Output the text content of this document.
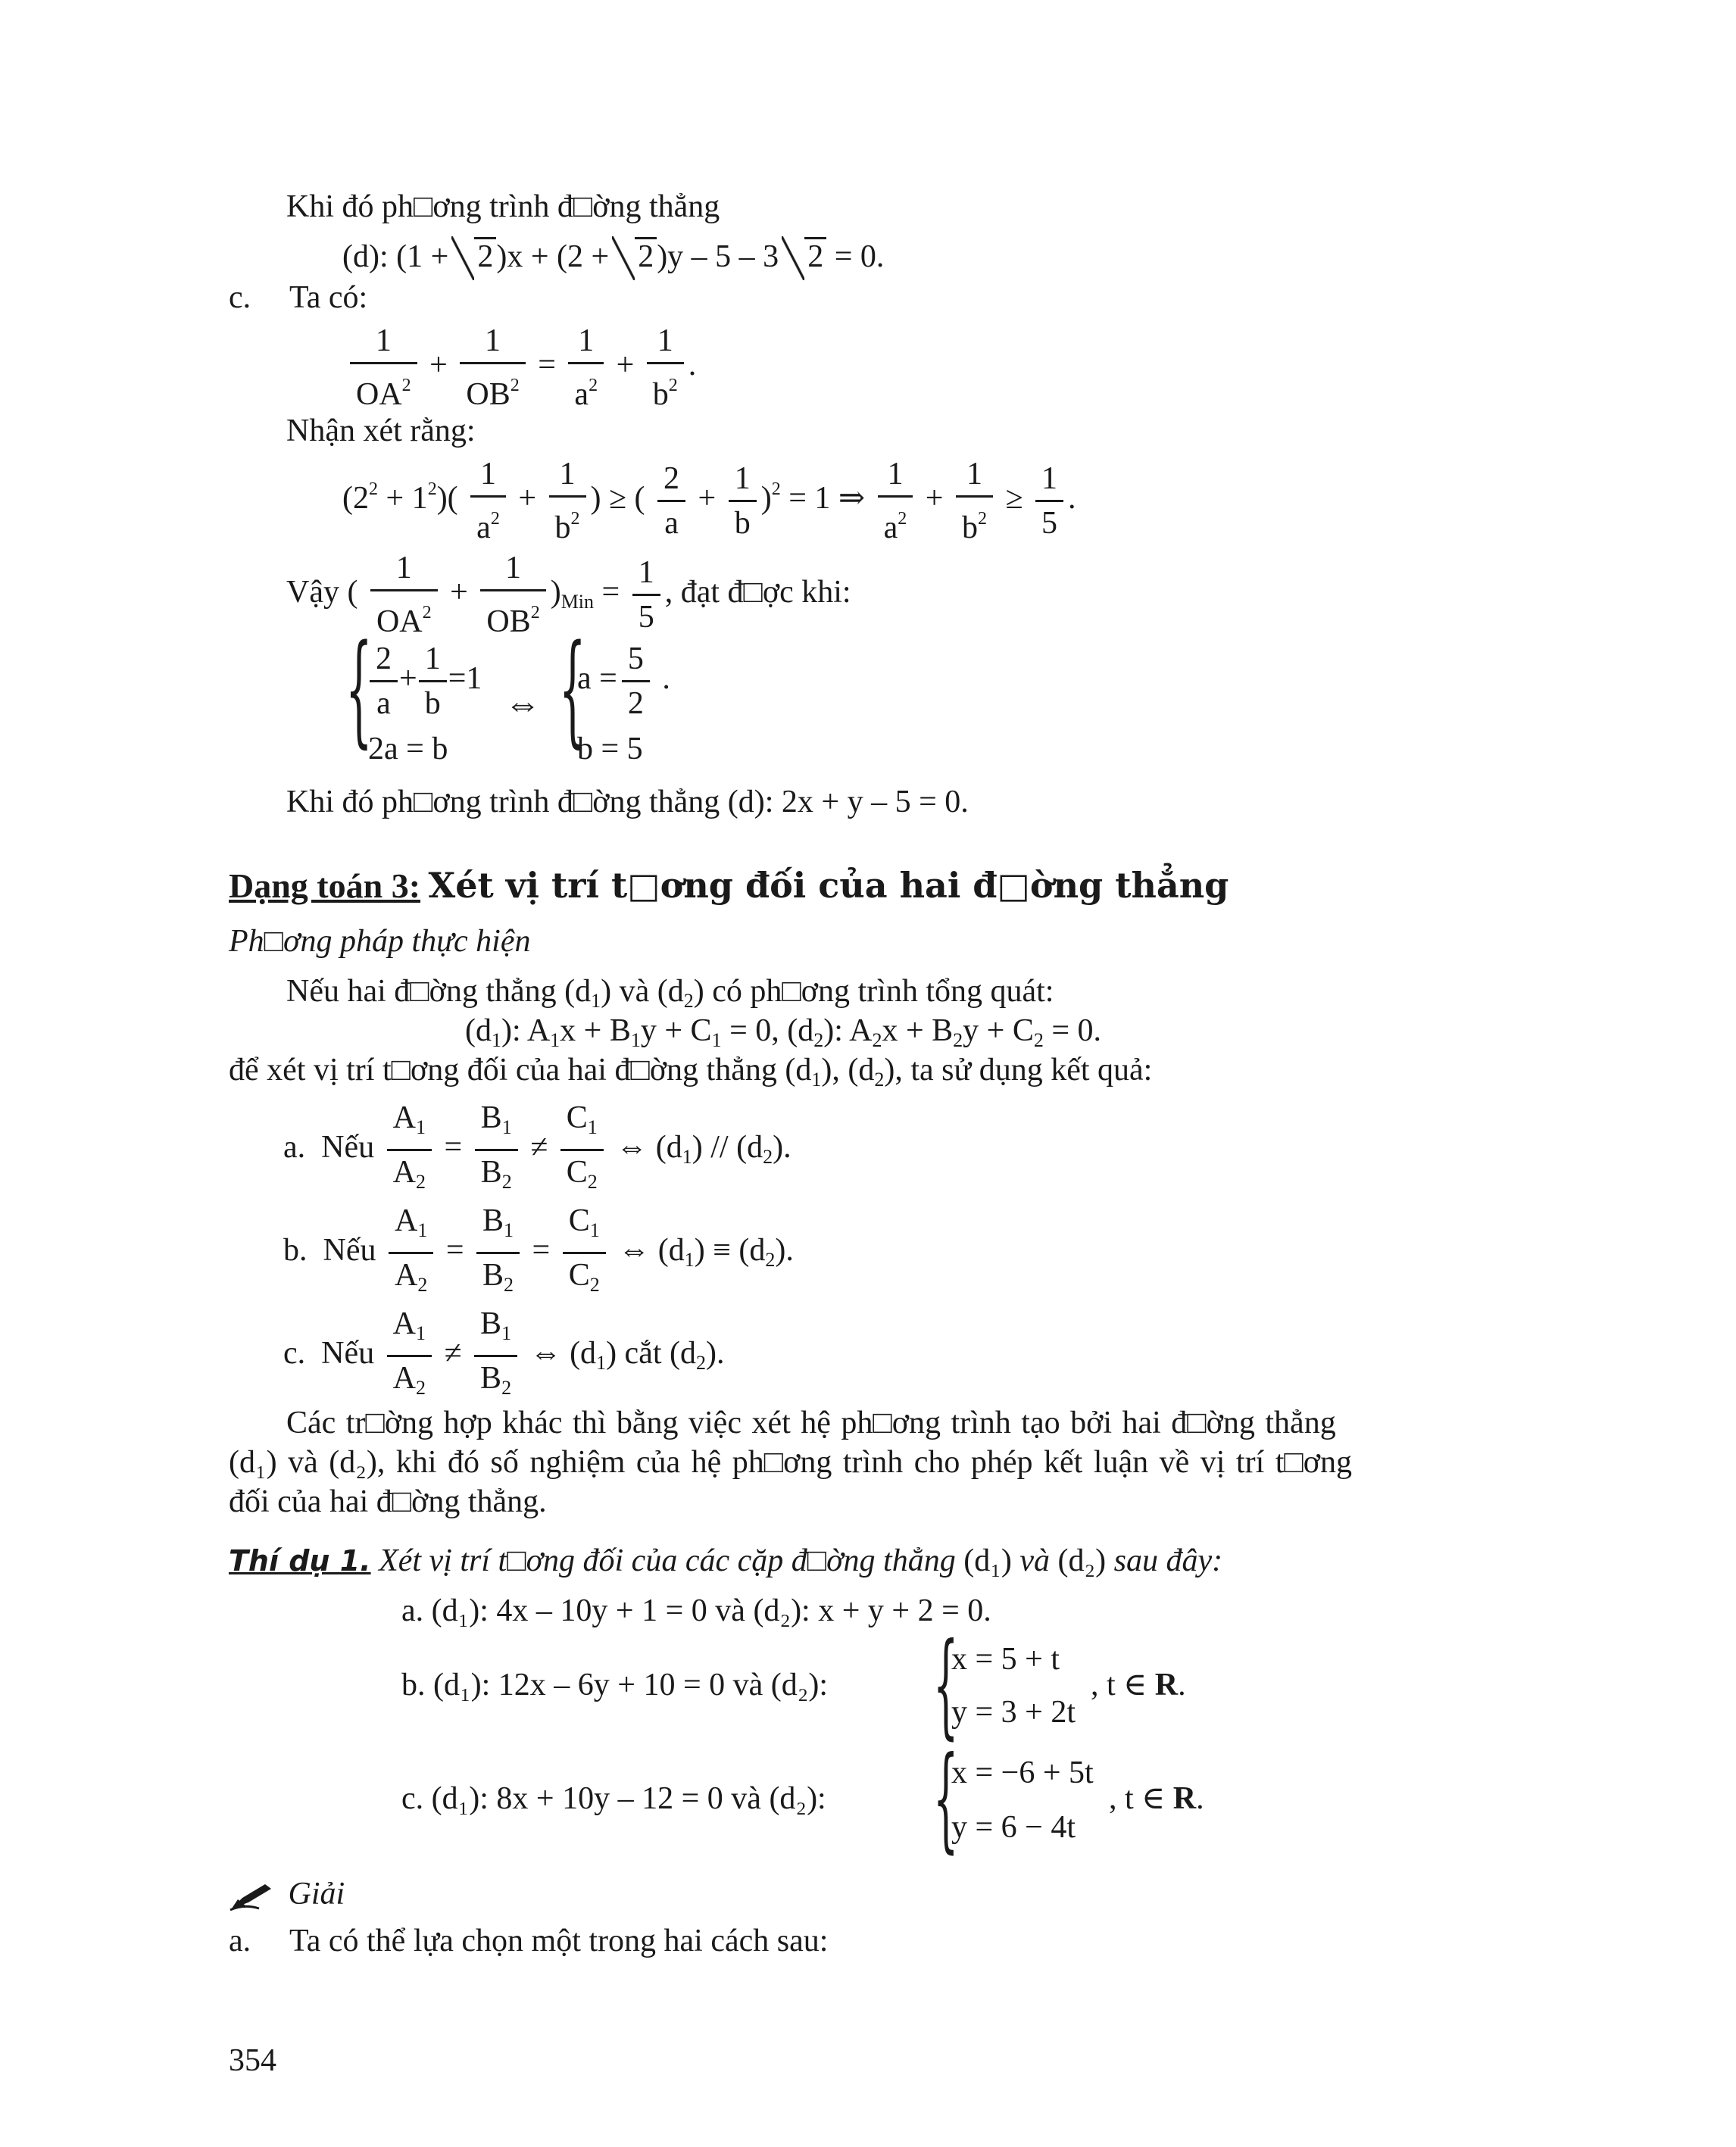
Khi đó ph□ơng trình đ□ờng thẳng
(d): (1 + 2)x + (2 + 2)y – 5 – 3 2 = 0.
c. Ta có:
$\frac{1}{OA^2} + \frac{1}{OB^2} = \frac{1}{a^2} + \frac{1}{b^2}$ .
Nhận xét rằng:
$(2^2 + 1^2)( \frac{1}{a^2} + \frac{1}{b^2}$ ) ≥ ( $\frac{2}{a} + \frac{1}{b} )^2 = 1$ ⇒ $\frac{1}{a^2} + \frac{1}{b^2} \ge \frac{1}{5}$ .
Vậy ( $\frac{1}{OA^2} + \frac{1}{OB^2} )_{Min} = \frac{1}{5}$ , đạt đ□ợc khi:
{
$\frac{2}{a} + \frac{1}{b} =1$
2a = b
⇔ {
$a = \frac{5}{2}$ .
b = 5
Khi đó ph□ơng trình đ□ờng thẳng (d): 2x + y – 5 = 0.
Dạng toán 3: Xét vị trí t□ơng đối của hai đ□ờng thẳng
Ph□ơng pháp thực hiện
Nếu hai đ□ờng thẳng $(d_1)$ và $(d_2)$ có ph□ơng trình tổng quát:
$(d_1)$: $A_1x + B_1y + C_1 = 0$, $(d_2)$: $A_2x + B_2y + C_2 = 0$.
để xét vị trí t□ơng đối của hai đ□ờng thẳng $(d_1)$, $(d_2)$, ta sử dụng kết quả:
a. Nếu $\frac{A_1}{A_2} = \frac{B_1}{B_2} \ne \frac{C_1}{C_2}$ ⇔ $(d_1) // (d_2)$.
b. Nếu $\frac{A_1}{A_2} = \frac{B_1}{B_2} = \frac{C_1}{C_2}$ ⇔ $(d_1) \equiv (d_2)$.
c. Nếu $\frac{A_1}{A_2} \ne \frac{B_1}{B_2}$ ⇔ $(d_1)$ cắt $(d_2)$.
Các tr□ờng hợp khác thì bằng việc xét hệ ph□ơng trình tạo bởi hai đ□ờng thẳng
(d₁) và (d₂), khi đó số nghiệm của hệ ph□ơng trình cho phép kết luận về vị trí t□ơng
đối của hai đ□ờng thẳng.
Thí dụ 1. Xét vị trí t□ơng đối của các cặp đ□ờng thẳng (d₁) và (d₂) sau đây:
a. (d₁): 4x – 10y + 1 = 0 và (d₂): x + y + 2 = 0.
b. (d₁): 12x – 6y + 10 = 0 và (d₂): {
x = 5 + t
y = 3 + 2t
, t ∈ R.
c. (d₁): 8x + 10y – 12 = 0 và (d₂): {
x = −6 + 5t
y = 6 − 4t
, t ∈ R.
Giải
a. Ta có thể lựa chọn một trong hai cách sau:
354
